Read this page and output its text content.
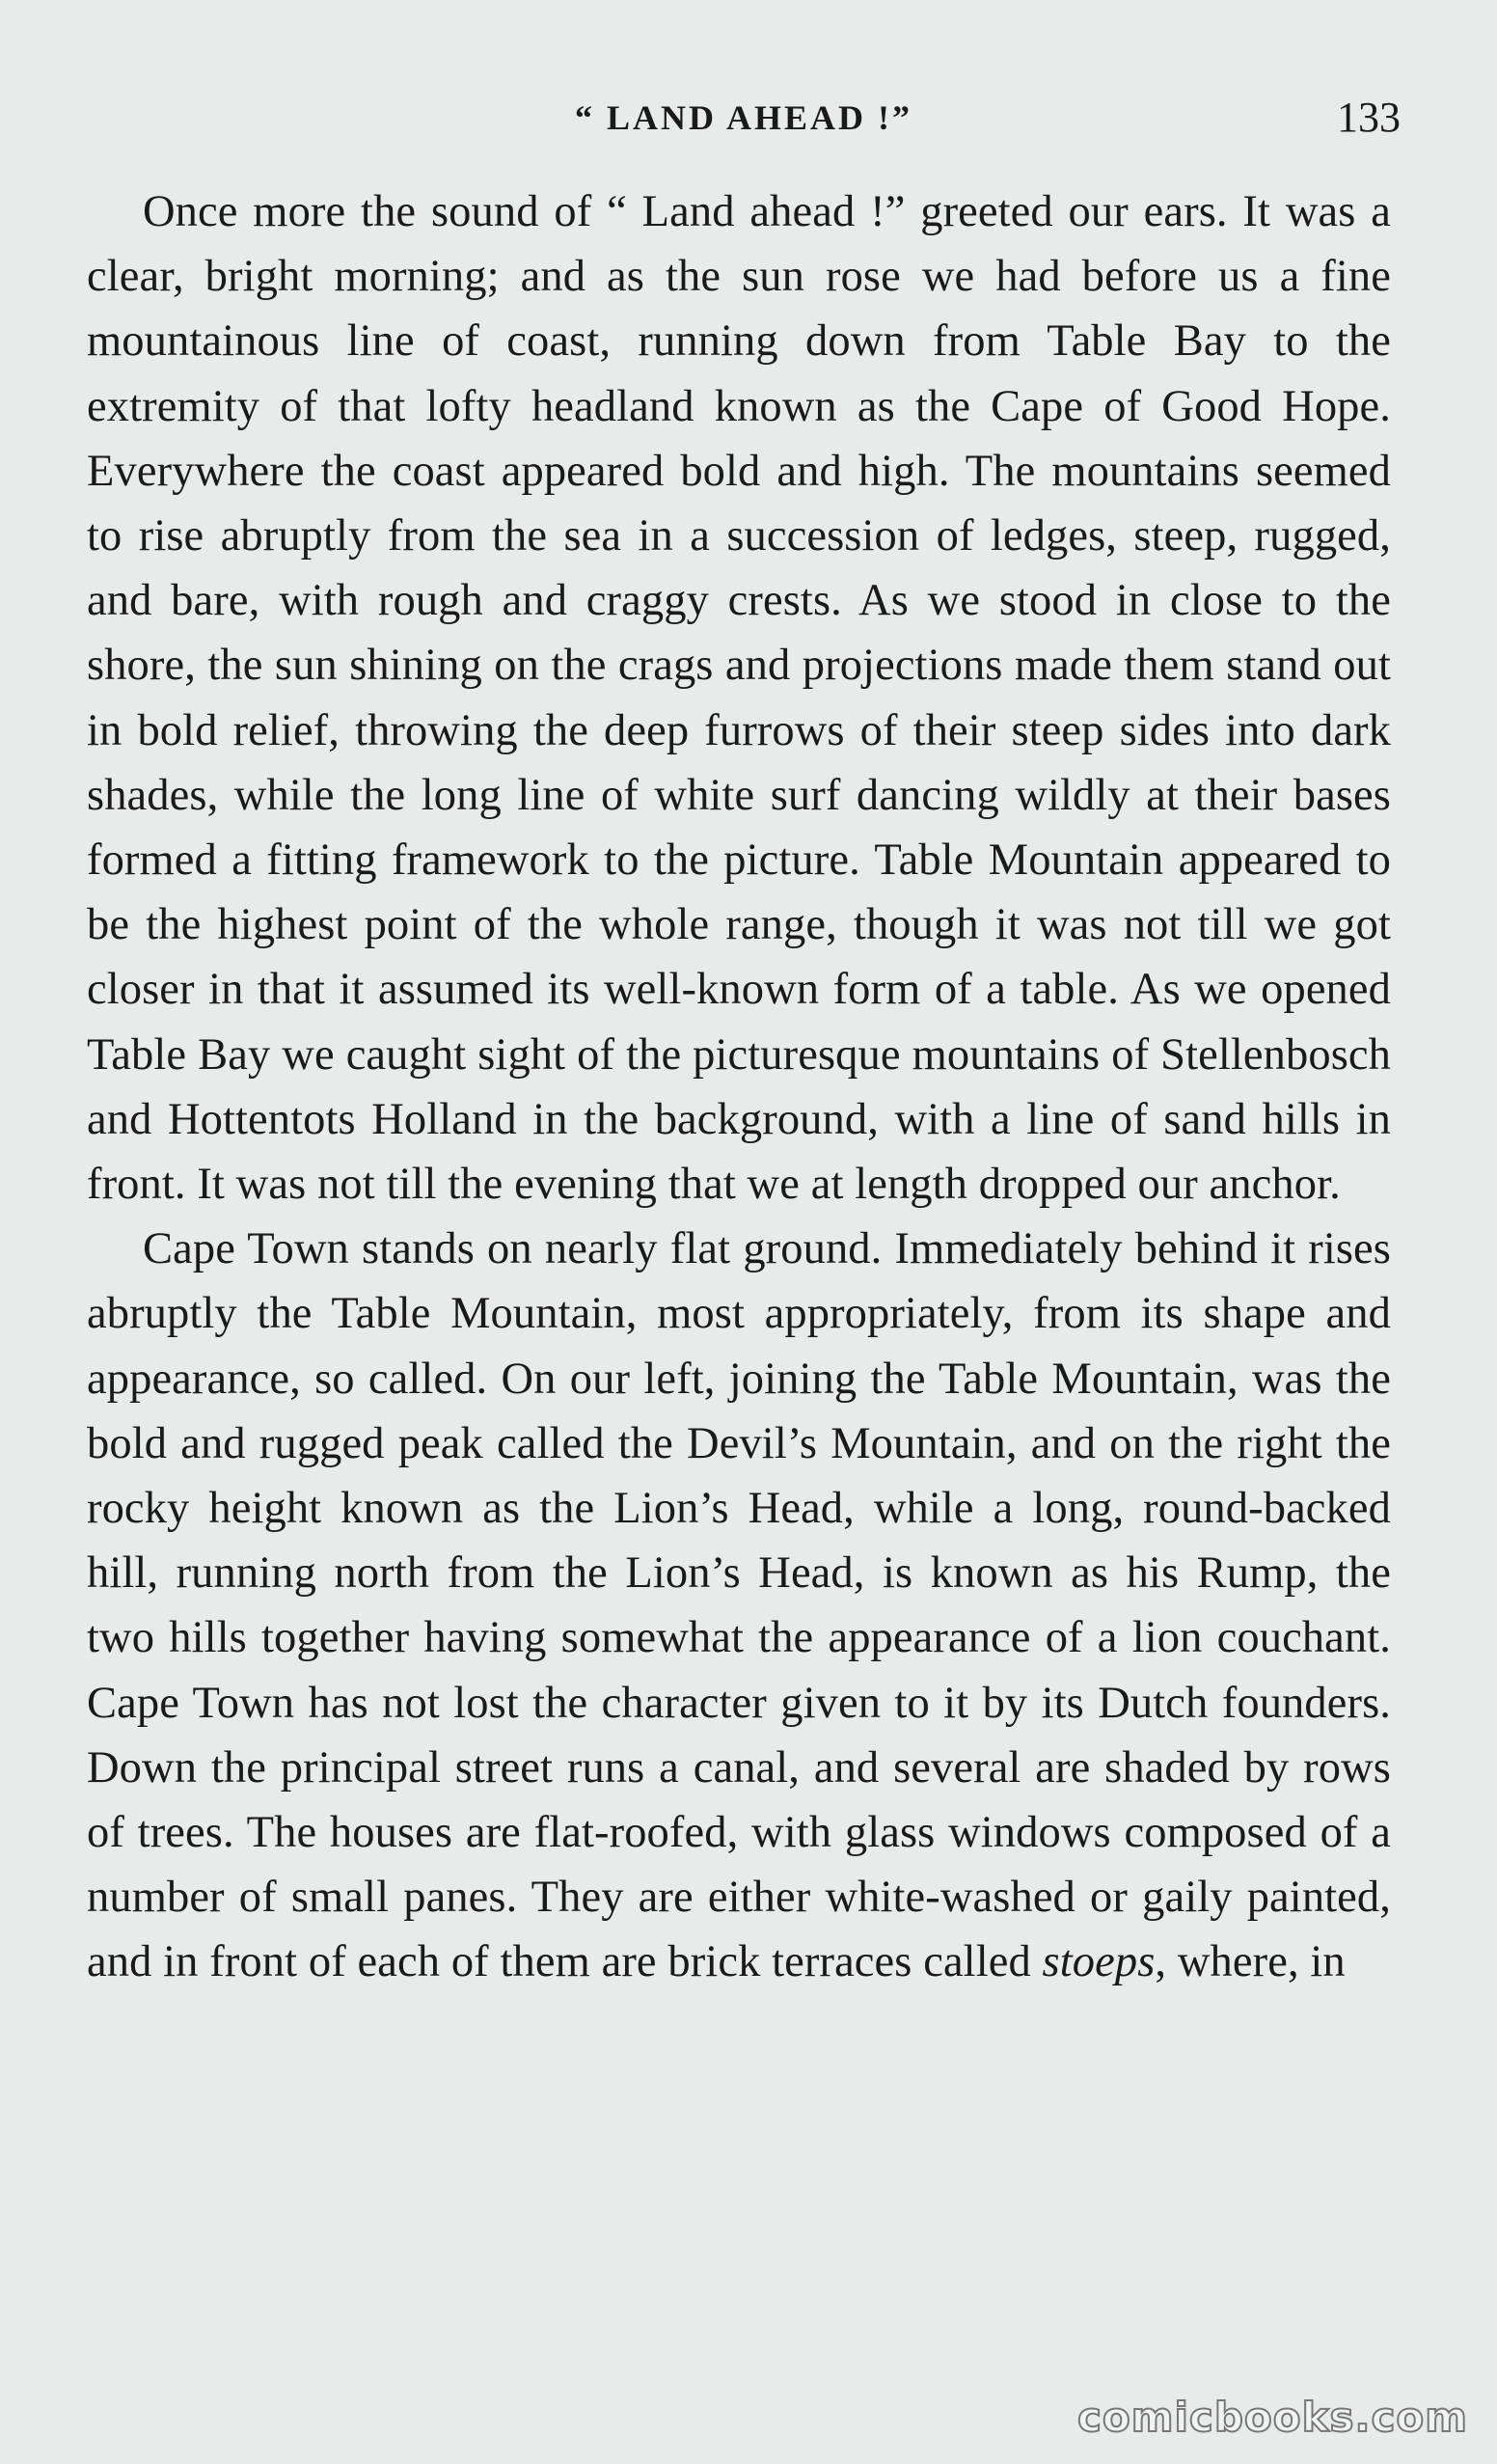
“ LAND AHEAD !”	133

Once more the sound of “ Land ahead !” greeted our ears. It was a clear, bright morning; and as the sun rose we had before us a fine mountainous line of coast, running down from Table Bay to the extremity of that lofty headland known as the Cape of Good Hope. Everywhere the coast appeared bold and high. The mountains seemed to rise abruptly from the sea in a succession of ledges, steep, rugged, and bare, with rough and craggy crests. As we stood in close to the shore, the sun shining on the crags and projections made them stand out in bold relief, throwing the deep furrows of their steep sides into dark shades, while the long line of white surf dancing wildly at their bases formed a fitting framework to the picture. Table Mountain appeared to be the highest point of the whole range, though it was not till we got closer in that it assumed its well-known form of a table. As we opened Table Bay we caught sight of the picturesque mountains of Stellenbosch and Hottentots Holland in the background, with a line of sand hills in front. It was not till the evening that we at length dropped our anchor.

Cape Town stands on nearly flat ground. Immediately behind it rises abruptly the Table Mountain, most appropriately, from its shape and appearance, so called. On our left, joining the Table Mountain, was the bold and rugged peak called the Devil’s Mountain, and on the right the rocky height known as the Lion’s Head, while a long, round-backed hill, running north from the Lion’s Head, is known as his Rump, the two hills together having somewhat the appearance of a lion couchant. Cape Town has not lost the character given to it by its Dutch founders. Down the principal street runs a canal, and several are shaded by rows of trees. The houses are flat-roofed, with glass windows composed of a number of small panes. They are either white-washed or gaily painted, and in front of each of them are brick terraces called stoeps, where, in

comicbooks.com
